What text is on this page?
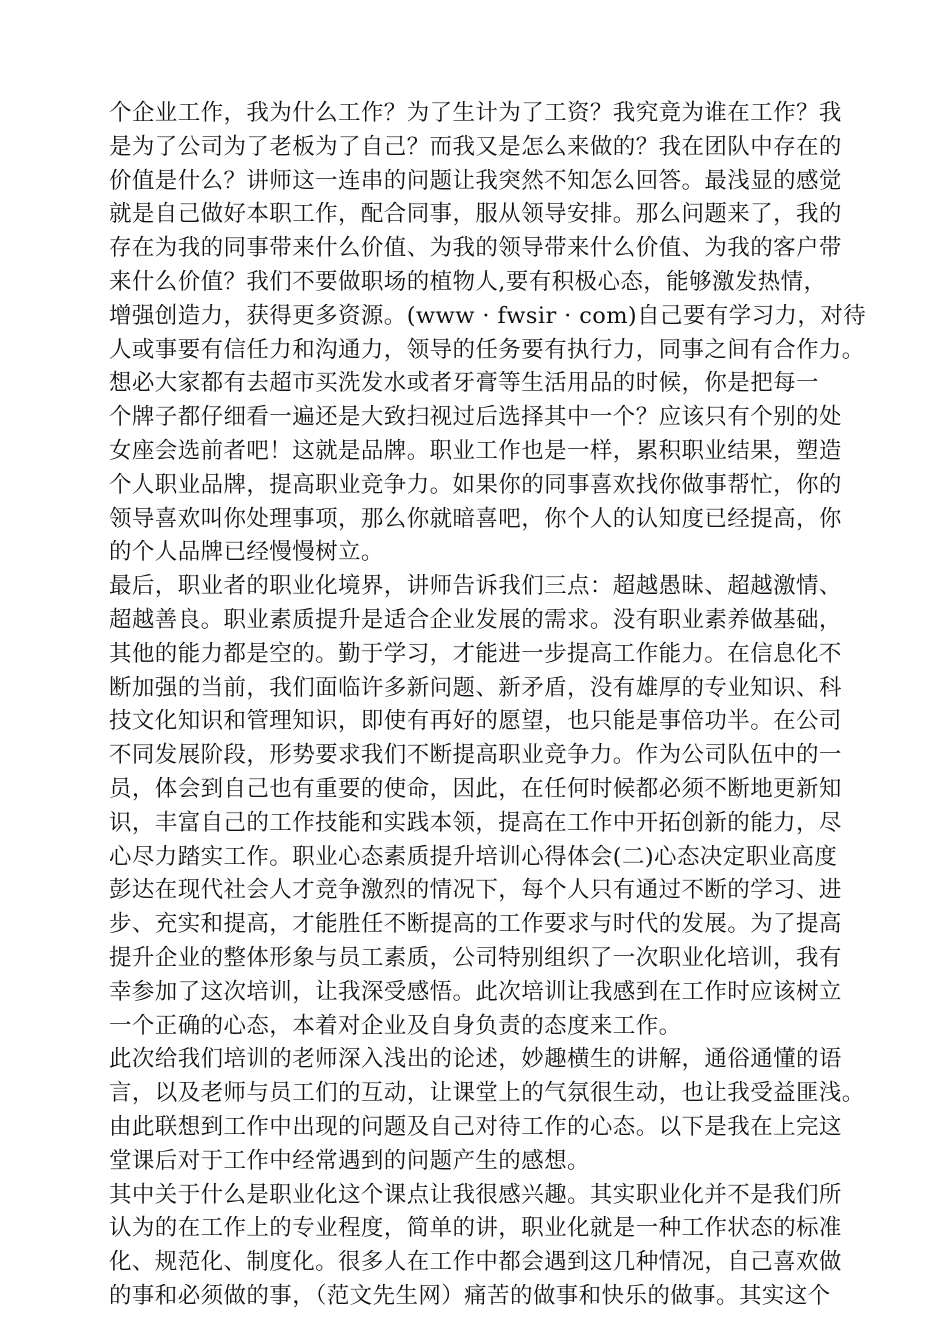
个企业工作，我为什么工作？为了生计为了工资？我究竟为谁在工作？我
是为了公司为了老板为了自己？而我又是怎么来做的？我在团队中存在的
价值是什么？讲师这一连串的问题让我突然不知怎么回答。最浅显的感觉
就是自己做好本职工作，配合同事，服从领导安排。那么问题来了，我的
存在为我的同事带来什么价值、为我的领导带来什么价值、为我的客户带
来什么价值？我们不要做职场的植物人,要有积极心态，能够激发热情，
增强创造力，获得更多资源。(www · fwsir · com)自己要有学习力，对待
人或事要有信任力和沟通力，领导的任务要有执行力，同事之间有合作力。
想必大家都有去超市买洗发水或者牙膏等生活用品的时候，你是把每一
个牌子都仔细看一遍还是大致扫视过后选择其中一个？应该只有个别的处
女座会选前者吧！这就是品牌。职业工作也是一样，累积职业结果，塑造
个人职业品牌，提高职业竞争力。如果你的同事喜欢找你做事帮忙，你的
领导喜欢叫你处理事项，那么你就暗喜吧，你个人的认知度已经提高，你
的个人品牌已经慢慢树立。
最后，职业者的职业化境界，讲师告诉我们三点：超越愚昧、超越激情、
超越善良。职业素质提升是适合企业发展的需求。没有职业素养做基础，
其他的能力都是空的。勤于学习，才能进一步提高工作能力。在信息化不
断加强的当前，我们面临许多新问题、新矛盾，没有雄厚的专业知识、科
技文化知识和管理知识，即使有再好的愿望，也只能是事倍功半。在公司
不同发展阶段，形势要求我们不断提高职业竞争力。作为公司队伍中的一
员，体会到自己也有重要的使命，因此，在任何时候都必须不断地更新知
识，丰富自己的工作技能和实践本领，提高在工作中开拓创新的能力，尽
心尽力踏实工作。职业心态素质提升培训心得体会(二)心态决定职业高度
彭达在现代社会人才竞争激烈的情况下，每个人只有通过不断的学习、进
步、充实和提高，才能胜任不断提高的工作要求与时代的发展。为了提高
提升企业的整体形象与员工素质，公司特别组织了一次职业化培训，我有
幸参加了这次培训，让我深受感悟。此次培训让我感到在工作时应该树立
一个正确的心态，本着对企业及自身负责的态度来工作。
此次给我们培训的老师深入浅出的论述，妙趣横生的讲解，通俗通懂的语
言，以及老师与员工们的互动，让课堂上的气氛很生动，也让我受益匪浅。
由此联想到工作中出现的问题及自己对待工作的心态。以下是我在上完这
堂课后对于工作中经常遇到的问题产生的感想。
其中关于什么是职业化这个课点让我很感兴趣。其实职业化并不是我们所
认为的在工作上的专业程度，简单的讲，职业化就是一种工作状态的标准
化、规范化、制度化。很多人在工作中都会遇到这几种情况，自己喜欢做
的事和必须做的事，（范文先生网）痛苦的做事和快乐的做事。其实这个
